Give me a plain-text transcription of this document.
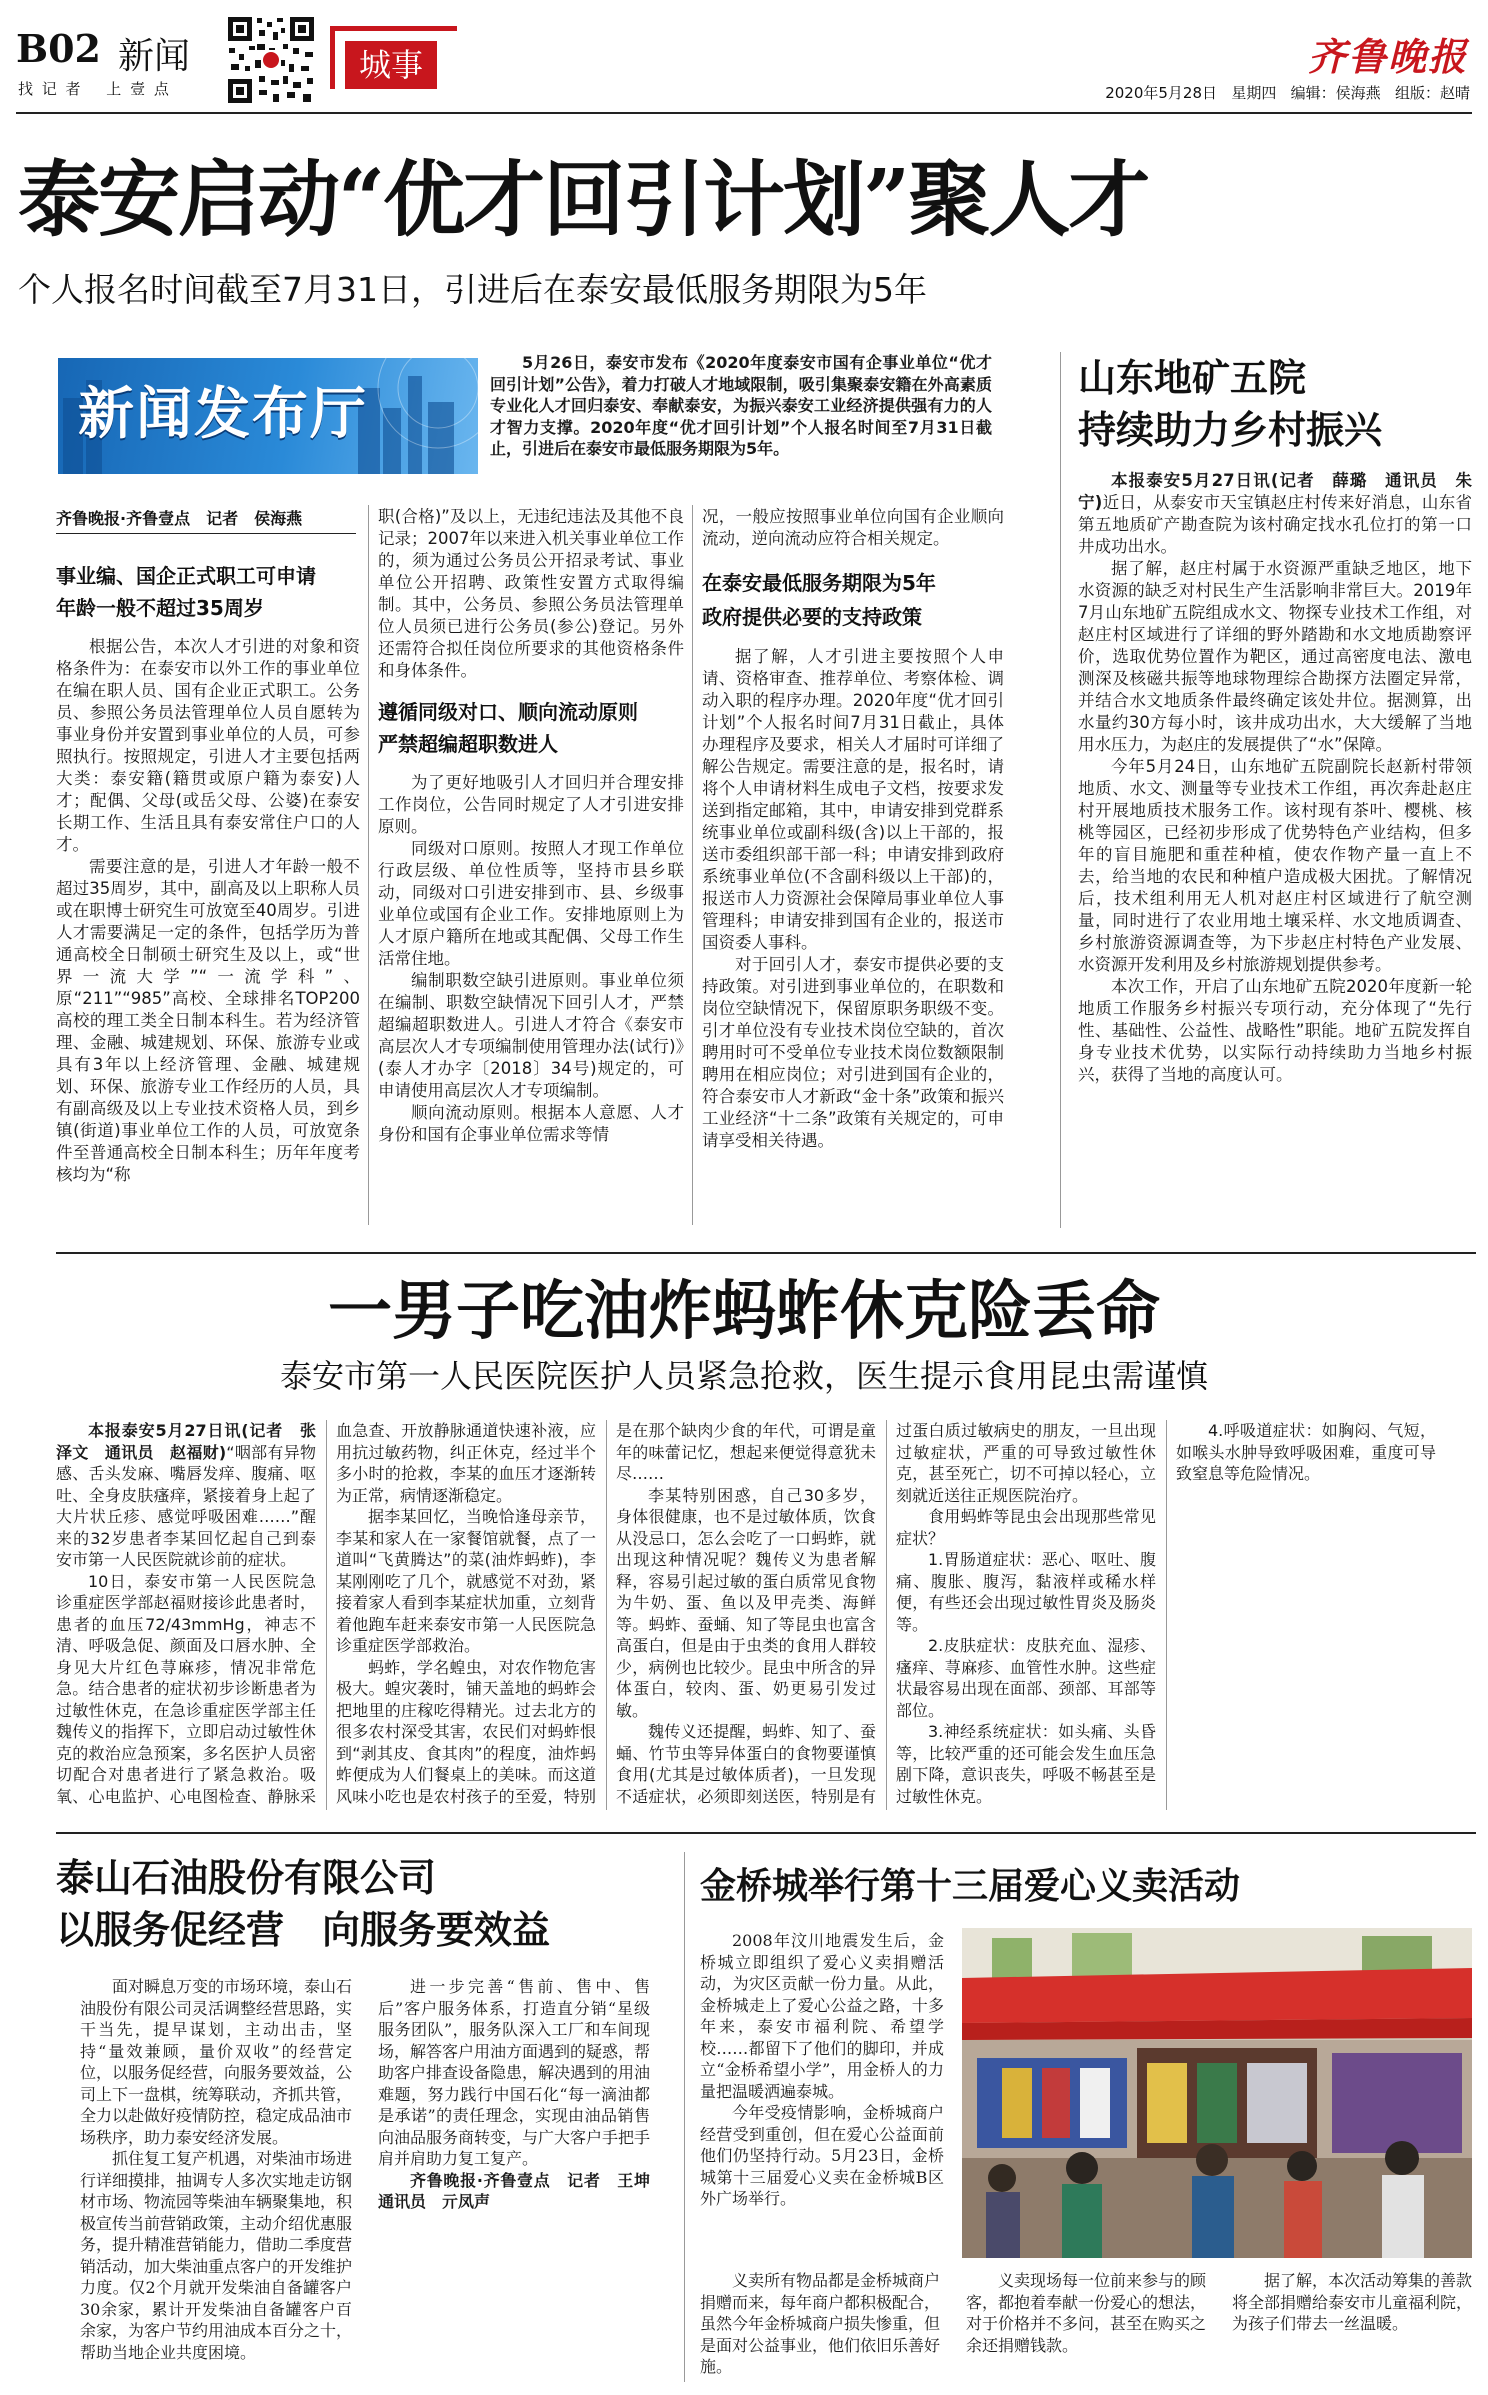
B02 新闻
找 记 者　 上 壹 点
城事	齐鲁晚报
2020年5月28日 星期四 编辑：侯海燕 组版：赵晴
泰安启动“优才回引计划”聚人才
个人报名时间截至7月31日，引进后在泰安最低服务期限为5年
新闻发布厅
5月26日，泰安市发布《2020年度泰安市国有企事业单位“优才回引计划”公告》，着力打破人才地域限制，吸引集聚泰安籍在外高素质专业化人才回归泰安、奉献泰安，为振兴泰安工业经济提供强有力的人才智力支撑。2020年度“优才回引计划”个人报名时间至7月31日截止，引进后在泰安市最低服务期限为5年。
齐鲁晚报·齐鲁壹点　记者　侯海燕
事业编、国企正式职工可申请
年龄一般不超过35周岁

根据公告，本次人才引进的对象和资格条件为：在泰安市以外工作的事业单位在编在职人员、国有企业正式职工。公务员、参照公务员法管理单位人员自愿转为事业身份并安置到事业单位的人员，可参照执行。按照规定，引进人才主要包括两大类：泰安籍(籍贯或原户籍为泰安)人才；配偶、父母(或岳父母、公婆)在泰安长期工作、生活且具有泰安常住户口的人才。

需要注意的是，引进人才年龄一般不超过35周岁，其中，副高及以上职称人员或在职博士研究生可放宽至40周岁。引进人才需要满足一定的条件，包括学历为普通高校全日制硕士研究生及以上，或“世界一流大学”“一流学科”、原“211”“985”高校、全球排名TOP200高校的理工类全日制本科生。若为经济管理、金融、城建规划、环保、旅游专业或具有3年以上经济管理、金融、城建规划、环保、旅游专业工作经历的人员，具有副高级及以上专业技术资格人员，到乡镇(街道)事业单位工作的人员，可放宽条件至普通高校全日制本科生；历年年度考核均为“称

职(合格)”及以上，无违纪违法及其他不良记录；2007年以来进入机关事业单位工作的，须为通过公务员公开招录考试、事业单位公开招聘、政策性安置方式取得编制。其中，公务员、参照公务员法管理单位人员须已进行公务员(参公)登记。另外还需符合拟任岗位所要求的其他资格条件和身体条件。

遵循同级对口、顺向流动原则
严禁超编超职数进人

为了更好地吸引人才回归并合理安排工作岗位，公告同时规定了人才引进安排原则。

同级对口原则。按照人才现工作单位行政层级、单位性质等，坚持市县乡联动，同级对口引进安排到市、县、乡级事业单位或国有企业工作。安排地原则上为人才原户籍所在地或其配偶、父母工作生活常住地。

编制职数空缺引进原则。事业单位须在编制、职数空缺情况下回引人才，严禁超编超职数进人。引进人才符合《泰安市高层次人才专项编制使用管理办法(试行)》(泰人才办字〔2018〕34号)规定的，可申请使用高层次人才专项编制。

顺向流动原则。根据本人意愿、人才身份和国有企事业单位需求等情

况，一般应按照事业单位向国有企业顺向流动，逆向流动应符合相关规定。

在泰安最低服务期限为5年
政府提供必要的支持政策

据了解，人才引进主要按照个人申请、资格审查、推荐单位、考察体检、调动入职的程序办理。2020年度“优才回引计划”个人报名时间7月31日截止，具体办理程序及要求，相关人才届时可详细了解公告规定。需要注意的是，报名时，请将个人申请材料生成电子文档，按要求发送到指定邮箱，其中，申请安排到党群系统事业单位或副科级(含)以上干部的，报送市委组织部干部一科；申请安排到政府系统事业单位(不含副科级以上干部)的，报送市人力资源社会保障局事业单位人事管理科；申请安排到国有企业的，报送市国资委人事科。

对于回引人才，泰安市提供必要的支持政策。对引进到事业单位的，在职数和岗位空缺情况下，保留原职务职级不变。引才单位没有专业技术岗位空缺的，首次聘用时可不受单位专业技术岗位数额限制聘用在相应岗位；对引进到国有企业的，符合泰安市人才新政“金十条”政策和振兴工业经济“十二条”政策有关规定的，可申请享受相关待遇。

山东地矿五院
持续助力乡村振兴

本报泰安5月27日讯(记者　薛璐　通讯员　朱宁)近日，从泰安市天宝镇赵庄村传来好消息，山东省第五地质矿产勘查院为该村确定找水孔位打的第一口井成功出水。

据了解，赵庄村属于水资源严重缺乏地区，地下水资源的缺乏对村民生产生活影响非常巨大。2019年7月山东地矿五院组成水文、物探专业技术工作组，对赵庄村区域进行了详细的野外踏勘和水文地质勘察评价，选取优势位置作为靶区，通过高密度电法、激电测深及核磁共振等地球物理综合勘探方法圈定异常，并结合水文地质条件最终确定该处井位。据测算，出水量约30方每小时，该井成功出水，大大缓解了当地用水压力，为赵庄的发展提供了“水”保障。

今年5月24日，山东地矿五院副院长赵新村带领地质、水文、测量等专业技术工作组，再次奔赴赵庄村开展地质技术服务工作。该村现有茶叶、樱桃、核桃等园区，已经初步形成了优势特色产业结构，但多年的盲目施肥和重茬种植，使农作物产量一直上不去，给当地的农民和种植户造成极大困扰。了解情况后，技术组利用无人机对赵庄村区域进行了航空测量，同时进行了农业用地土壤采样、水文地质调查、乡村旅游资源调查等，为下步赵庄村特色产业发展、水资源开发利用及乡村旅游规划提供参考。

本次工作，开启了山东地矿五院2020年度新一轮地质工作服务乡村振兴专项行动，充分体现了“先行性、基础性、公益性、战略性”职能。地矿五院发挥自身专业技术优势，以实际行动持续助力当地乡村振兴，获得了当地的高度认可。

一男子吃油炸蚂蚱休克险丢命
泰安市第一人民医院医护人员紧急抢救，医生提示食用昆虫需谨慎

本报泰安5月27日讯(记者　张泽文　通讯员　赵福财)“咽部有异物感、舌头发麻、嘴唇发痒、腹痛、呕吐、全身皮肤瘙痒，紧接着身上起了大片状丘疹、感觉呼吸困难……”醒来的32岁患者李某回忆起自己到泰安市第一人民医院就诊前的症状。

10日，泰安市第一人民医院急诊重症医学部赵福财接诊此患者时，患者的血压72/43mmHg，神志不清、呼吸急促、颜面及口唇水肿、全身见大片红色荨麻疹，情况非常危急。结合患者的症状初步诊断患者为过敏性休克，在急诊重症医学部主任魏传义的指挥下，立即启动过敏性休克的救治应急预案，多名医护人员密切配合对患者进行了紧急救治。吸氧、心电监护、心电图检查、静脉采血急查、开放静脉通道快速补液，应用抗过敏药物，纠正休克，经过半个多小时的抢救，李某的血压才逐渐转为正常，病情逐渐稳定。

据李某回忆，当晚恰逢母亲节，李某和家人在一家餐馆就餐，点了一道叫“飞黄腾达”的菜(油炸蚂蚱)，李某刚刚吃了几个，就感觉不对劲，紧接着家人看到李某症状加重，立刻背着他跑车赶来泰安市第一人民医院急诊重症医学部救治。

蚂蚱，学名蝗虫，对农作物危害极大。蝗灾袭时，铺天盖地的蚂蚱会把地里的庄稼吃得精光。过去北方的很多农村深受其害，农民们对蚂蚱恨到“剥其皮、食其肉”的程度，油炸蚂蚱便成为人们餐桌上的美味。而这道风味小吃也是农村孩子的至爱，特别是在那个缺肉少食的年代，可谓是童年的味蕾记忆，想起来便觉得意犹未尽……

李某特别困惑，自己30多岁，身体很健康，也不是过敏体质，饮食从没忌口，怎么会吃了一口蚂蚱，就出现这种情况呢？魏传义为患者解释，容易引起过敏的蛋白质常见食物为牛奶、蛋、鱼以及甲壳类、海鲜等。蚂蚱、蚕蛹、知了等昆虫也富含高蛋白，但是由于虫类的食用人群较少，病例也比较少。昆虫中所含的异体蛋白，较肉、蛋、奶更易引发过敏。

魏传义还提醒，蚂蚱、知了、蚕蛹、竹节虫等异体蛋白的食物要谨慎食用(尤其是过敏体质者)，一旦发现不适症状，必须即刻送医，特别是有过蛋白质过敏病史的朋友，一旦出现过敏症状，严重的可导致过敏性休克，甚至死亡，切不可掉以轻心，立刻就近送往正规医院治疗。

食用蚂蚱等昆虫会出现那些常见症状？

1.胃肠道症状：恶心、呕吐、腹痛、腹胀、腹泻，黏液样或稀水样便，有些还会出现过敏性胃炎及肠炎等。

2.皮肤症状：皮肤充血、湿疹、瘙痒、荨麻疹、血管性水肿。这些症状最容易出现在面部、颈部、耳部等部位。

3.神经系统症状：如头痛、头昏等，比较严重的还可能会发生血压急剧下降，意识丧失，呼吸不畅甚至是过敏性休克。

4.呼吸道症状：如胸闷、气短，如喉头水肿导致呼吸困难，重度可导致窒息等危险情况。

泰山石油股份有限公司
以服务促经营　向服务要效益

面对瞬息万变的市场环境，泰山石油股份有限公司灵活调整经营思路，实干当先，提早谋划，主动出击，坚持“量效兼顾，量价双收”的经营定位，以服务促经营，向服务要效益，公司上下一盘棋，统筹联动，齐抓共管，全力以赴做好疫情防控，稳定成品油市场秩序，助力泰安经济发展。

抓住复工复产机遇，对柴油市场进行详细摸排，抽调专人多次实地走访钢材市场、物流园等柴油车辆聚集地，积极宣传当前营销政策，主动介绍优惠服务，提升精准营销能力，借助二季度营销活动，加大柴油重点客户的开发维护力度。仅2个月就开发柴油自备罐客户30余家，累计开发柴油自备罐客户百余家，为客户节约用油成本百分之十，帮助当地企业共度困境。

进一步完善“售前、售中、售后”客户服务体系，打造直分销“星级服务团队”，服务队深入工厂和车间现场，解答客户用油方面遇到的疑惑，帮助客户排查设备隐患，解决遇到的用油难题，努力践行中国石化“每一滴油都是承诺”的责任理念，实现由油品销售向油品服务商转变，与广大客户手把手肩并肩助力复工复产。

齐鲁晚报·齐鲁壹点　记者　王坤　通讯员　亓凤声

金桥城举行第十三届爱心义卖活动

2008年汶川地震发生后，金桥城立即组织了爱心义卖捐赠活动，为灾区贡献一份力量。从此，金桥城走上了爱心公益之路，十多年来，泰安市福利院、希望学校……都留下了他们的脚印，并成立“金桥希望小学”，用金桥人的力量把温暖洒遍泰城。

今年受疫情影响，金桥城商户经营受到重创，但在爱心公益面前他们仍坚持行动。5月23日，金桥城第十三届爱心义卖在金桥城B区外广场举行。

义卖所有物品都是金桥城商户捐赠而来，每年商户都积极配合，虽然今年金桥城商户损失惨重，但是面对公益事业，他们依旧乐善好施。

义卖现场每一位前来参与的顾客，都抱着奉献一份爱心的想法，对于价格并不多问，甚至在购买之余还捐赠钱款。

据了解，本次活动筹集的善款将全部捐赠给泰安市儿童福利院，为孩子们带去一丝温暖。
